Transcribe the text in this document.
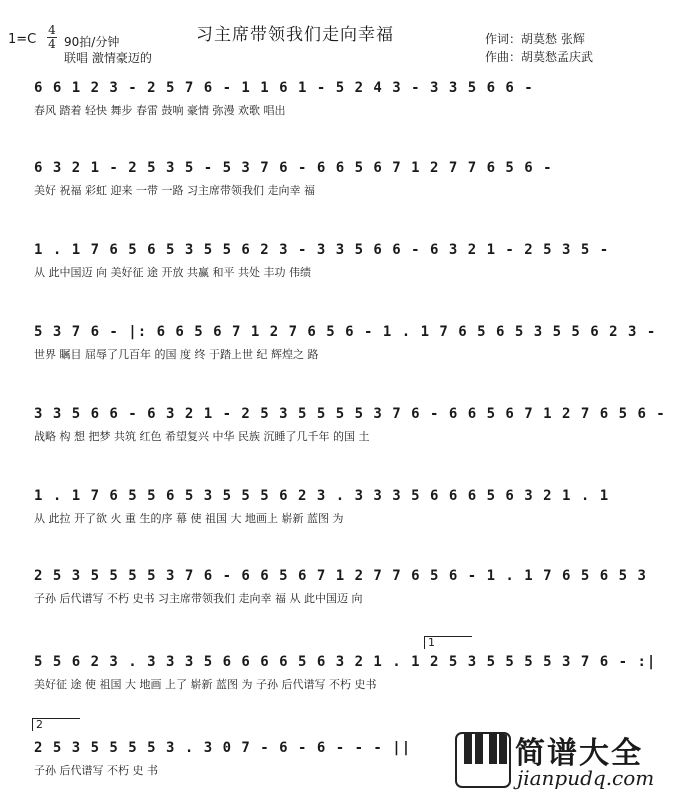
1=C
4
4 90拍/分钟
联唱 激情豪迈的
习主席带领我们走向幸福	作词：胡莫愁 张辉
作曲：胡莫愁孟庆武
6 6 1 2 3 - 2 5 7 6 - 1 1 6 1 - 5 2 4 3 - 3 3 5 6 6 -
春风 踏着 轻快 舞步 春雷 鼓响 豪情 弥漫 欢歌 唱出
6 3 2 1 - 2 5 3 5 - 5 3 7 6 - 6 6 5 6 7 1 2 7 7 6 5 6 -
美好 祝福 彩虹 迎来 一带 一路 习主席带领我们 走向幸 福
1 . 1 7 6 5 6 5 3 5 5 6 2 3 - 3 3 5 6 6 - 6 3 2 1 - 2 5 3 5 -
从 此中国迈 向 美好征 途 开放 共赢 和平 共处 丰功 伟绩
5 3 7 6 - |: 6 6 5 6 7 1 2 7 6 5 6 - 1 . 1 7 6 5 6 5 3 5 5 6 2 3 -
世界 瞩目 屈辱了几百年 的国 度 终 于踏上世 纪 辉煌之 路
3 3 5 6 6 - 6 3 2 1 - 2 5 3 5 5 5 5 3 7 6 - 6 6 5 6 7 1 2 7 6 5 6 -
战略 构 想 把梦 共筑 红色 希望复兴 中华 民族 沉睡了几千年 的国 土
1 . 1 7 6 5 5 6 5 3 5 5 5 6 2 3 . 3 3 3 5 6 6 6 5 6 3 2 1 . 1
从 此拉 开了欲 火 重 生的序 幕 使 祖国 大 地画上 崭新 蓝图 为
2 5 3 5 5 5 5 3 7 6 - 6 6 5 6 7 1 2 7 7 6 5 6 - 1 . 1 7 6 5 6 5 3
子孙 后代谱写 不朽 史书 习主席带领我们 走向幸 福 从 此中国迈 向
1
5 5 6 2 3 . 3 3 3 5 6 6 6 6 5 6 3 2 1 . 1 2 5 3 5 5 5 5 3 7 6 - :|
美好征 途 使 祖国 大 地画 上了 崭新 蓝图 为 子孙 后代谱写 不朽 史书
2
2 5 3 5 5 5 5 3 . 3 0 7 - 6 - 6 - - - ||
子孙 后代谱写 不朽 史 书	简谱大全
jianpudq.com
